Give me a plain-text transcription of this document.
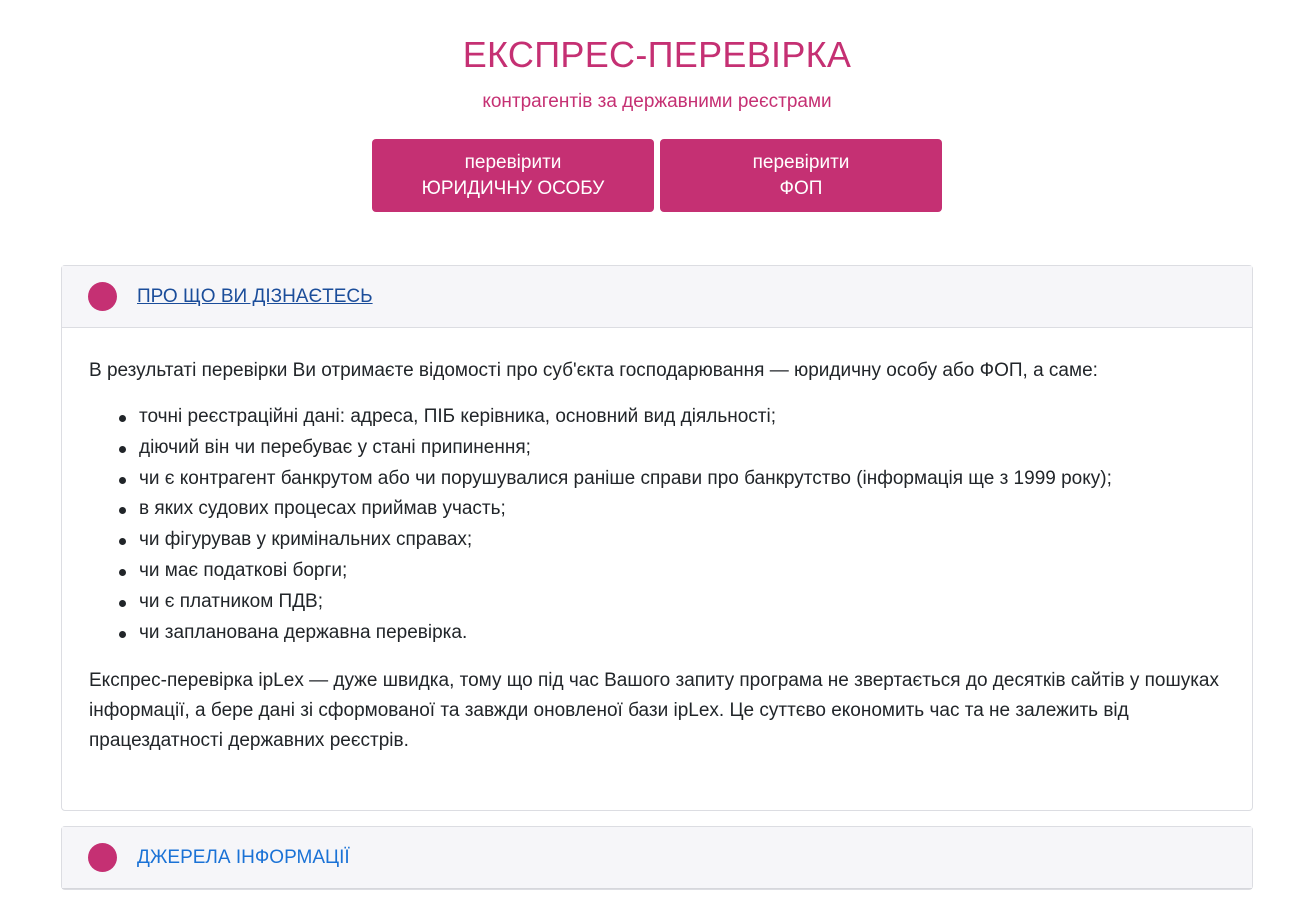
ЕКСПРЕС-ПЕРЕВІРКА
контрагентів за державними реєстрами
перевірити
ЮРИДИЧНУ ОСОБУ
перевірити
ФОП
ПРО ЩО ВИ ДІЗНАЄТЕСЬ

В результаті перевірки Ви отримаєте відомості про суб'єкта господарювання — юридичну особу або ФОП, а саме:

точні реєстраційні дані: адреса, ПІБ керівника, основний вид діяльності;
діючий він чи перебуває у стані припинення;
чи є контрагент банкрутом або чи порушувалися раніше справи про банкрутство (інформація ще з 1999 року);
в яких судових процесах приймав участь;
чи фігурував у кримінальних справах;
чи має податкові борги;
чи є платником ПДВ;
чи запланована державна перевірка.

Експрес-перевірка ipLex — дуже швидка, тому що під час Вашого запиту програма не звертається до десятків сайтів у пошуках інформації, а бере дані зі сформованої та завжди оновленої бази ipLex. Це суттєво економить час та не залежить від працездатності державних реєстрів.

ДЖЕРЕЛА ІНФОРМАЦІЇ
